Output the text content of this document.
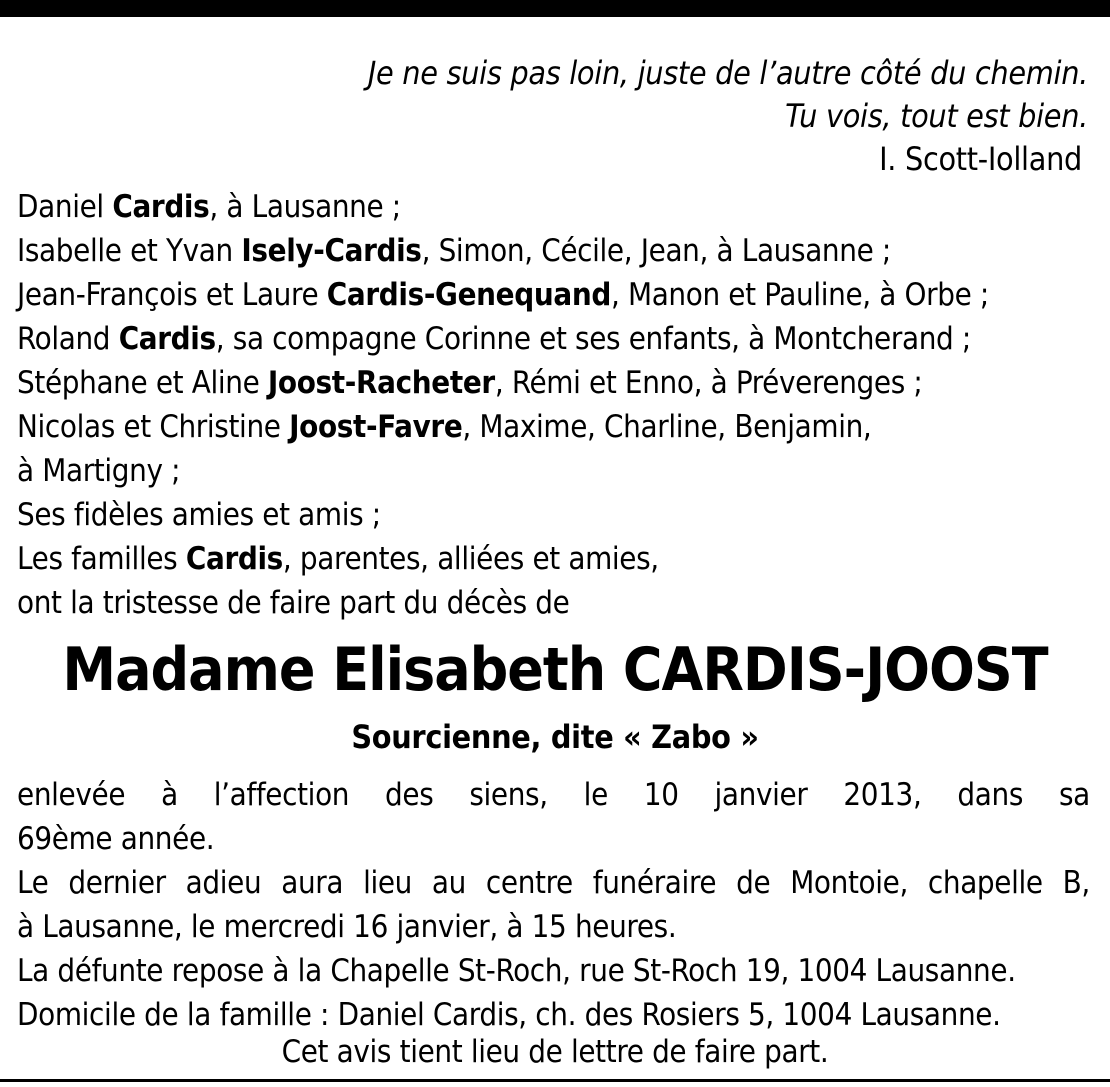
Je ne suis pas loin, juste de l’autre côté du chemin.
Tu vois, tout est bien.
I. Scott-Iolland
Daniel Cardis, à Lausanne ;
Isabelle et Yvan Isely-Cardis, Simon, Cécile, Jean, à Lausanne ;
Jean-François et Laure Cardis-Genequand, Manon et Pauline, à Orbe ;
Roland Cardis, sa compagne Corinne et ses enfants, à Montcherand ;
Stéphane et Aline Joost-Racheter, Rémi et Enno, à Préverenges ;
Nicolas et Christine Joost-Favre, Maxime, Charline, Benjamin,
à Martigny ;
Ses fidèles amies et amis ;
Les familles Cardis, parentes, alliées et amies,
ont la tristesse de faire part du décès de
Madame Elisabeth CARDIS-JOOST
Sourcienne, dite « Zabo »
enlevée à l’affection des siens, le 10 janvier 2013, dans sa
69ème année.
Le dernier adieu aura lieu au centre funéraire de Montoie, chapelle B,
à Lausanne, le mercredi 16 janvier, à 15 heures.
La défunte repose à la Chapelle St-Roch, rue St-Roch 19, 1004 Lausanne.
Domicile de la famille : Daniel Cardis, ch. des Rosiers 5, 1004 Lausanne.
Cet avis tient lieu de lettre de faire part.
